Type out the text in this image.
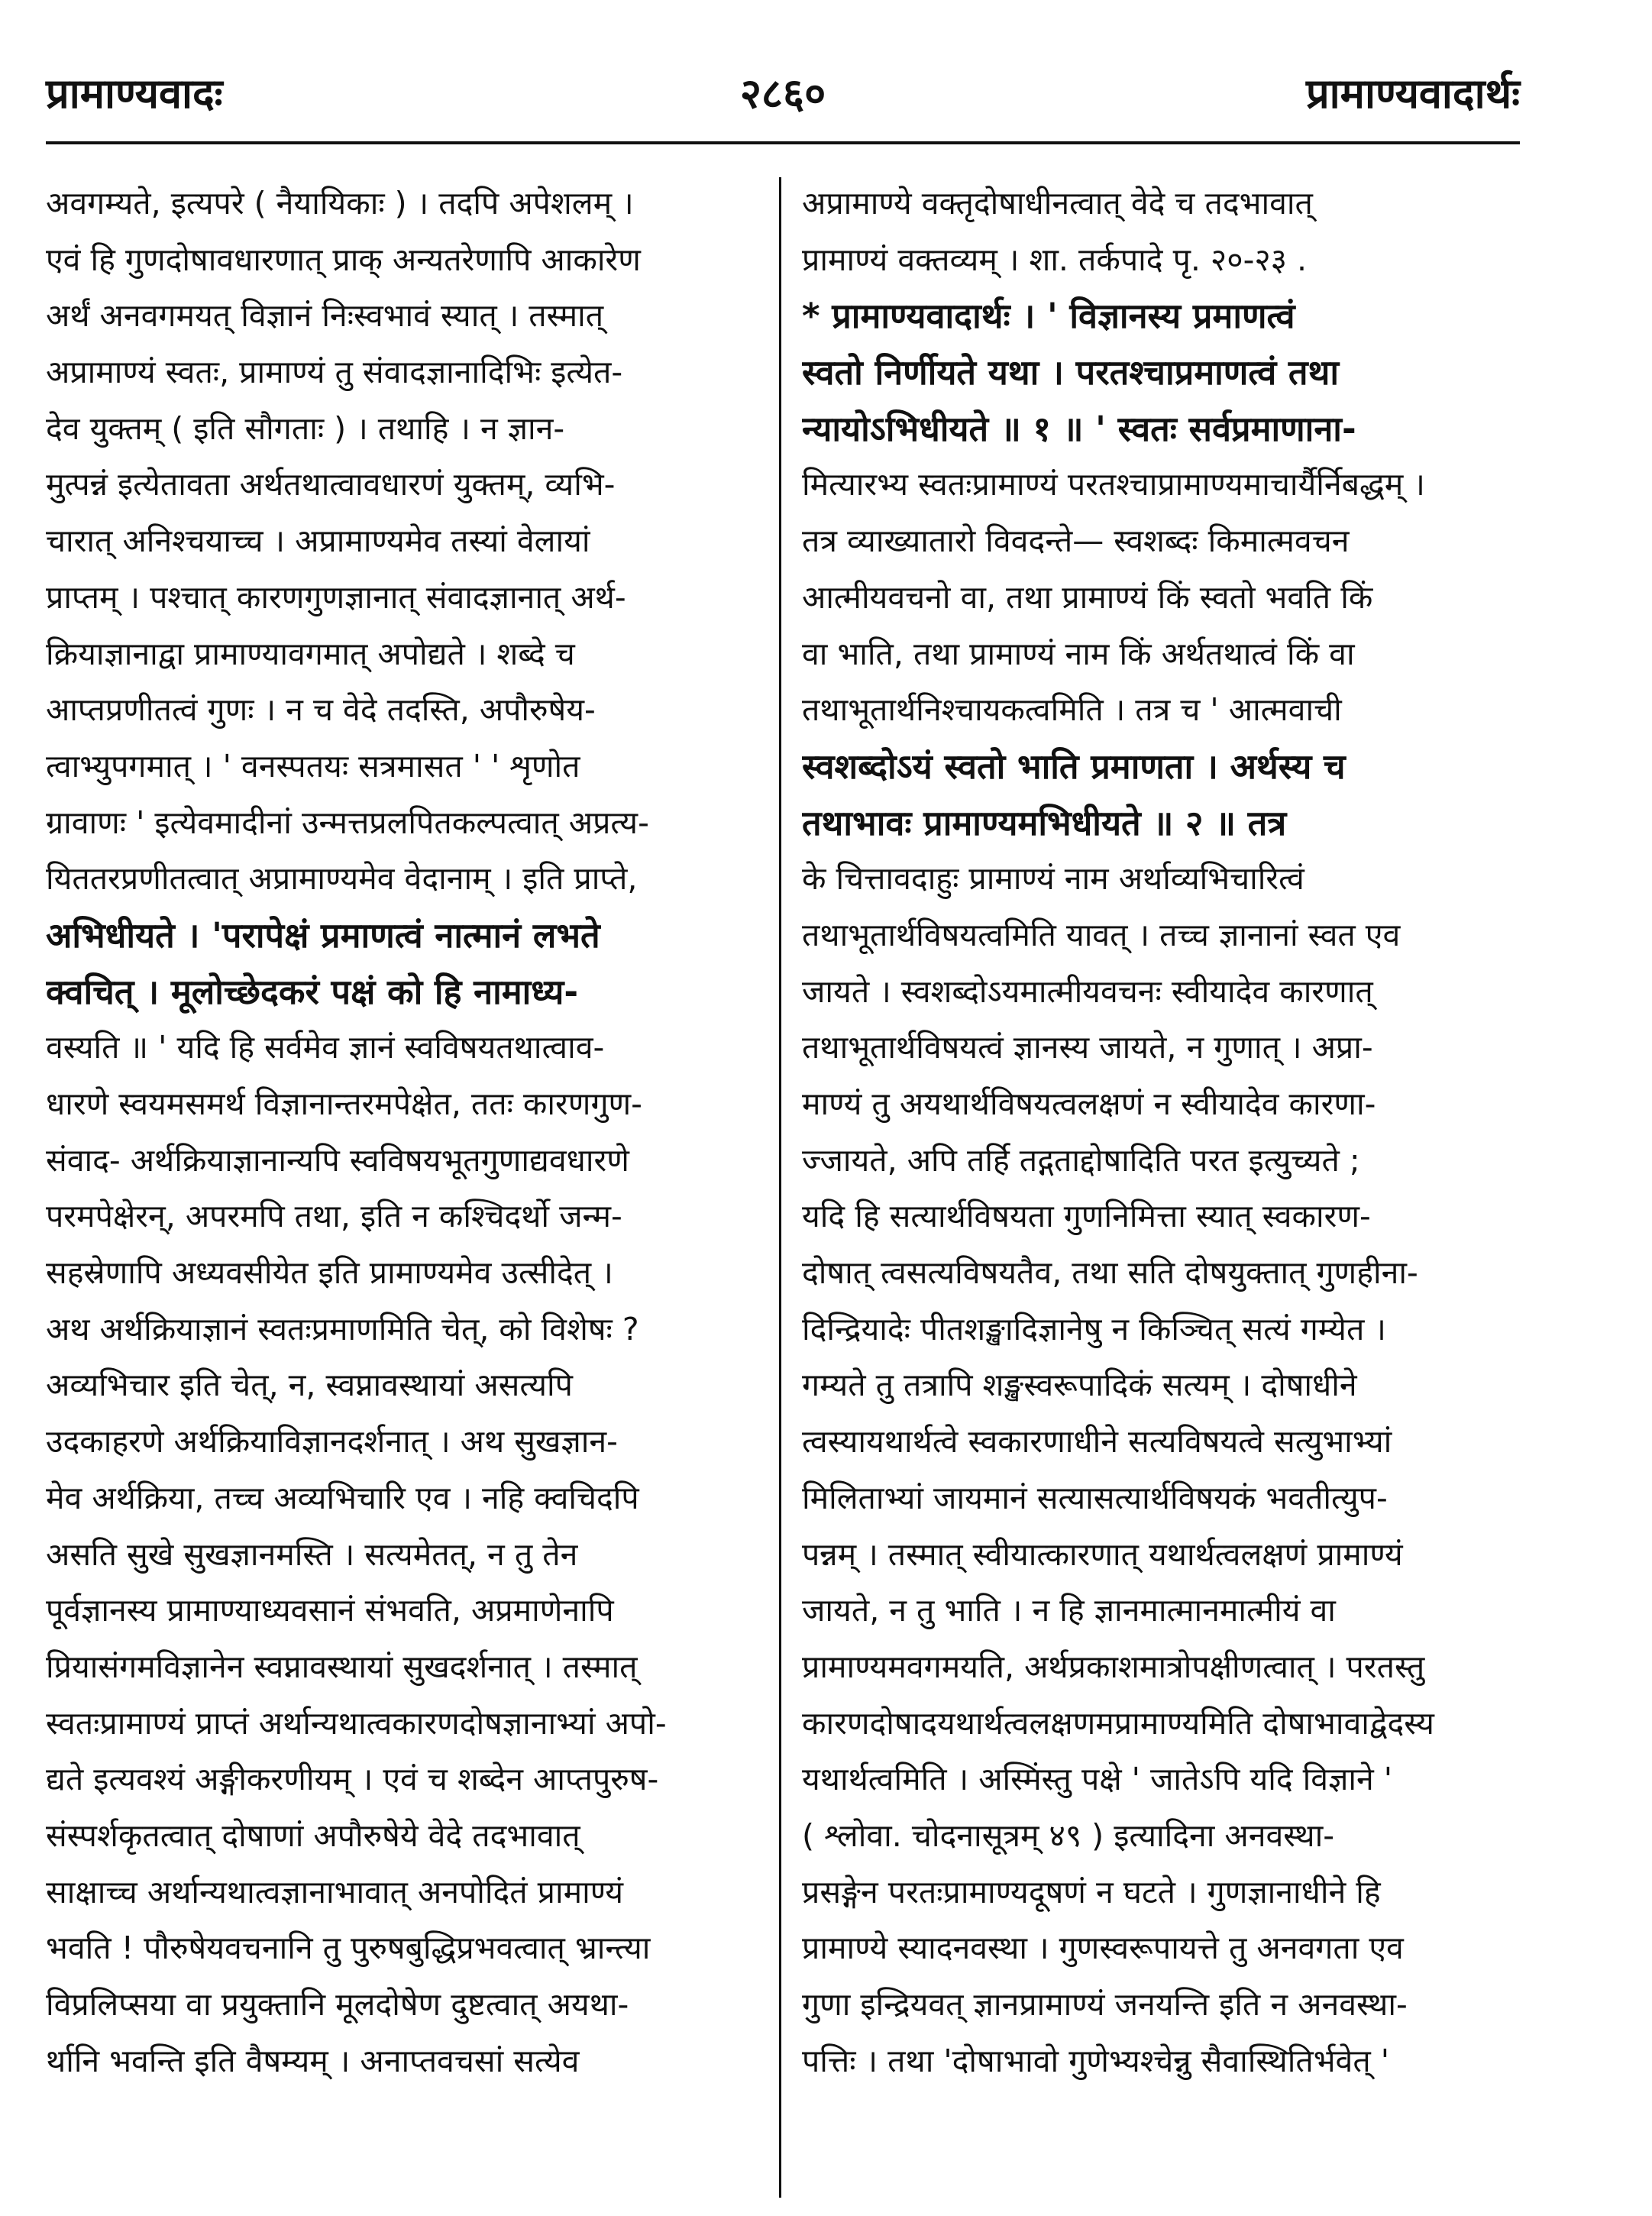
२८६०
प्रामाण्यवादः	प्रामाण्यवादार्थः
अवगम्यते, इत्यपरे ( नैयायिकाः ) । तदपि अपेशलम् ।
एवं हि गुणदोषावधारणात् प्राक् अन्यतरेणापि आकारेण
अर्थं अनवगमयत् विज्ञानं निःस्वभावं स्यात् । तस्मात्
अप्रामाण्यं स्वतः, प्रामाण्यं तु संवादज्ञानादिभिः इत्येत-
देव युक्तम् ( इति सौगताः ) । तथाहि । न ज्ञान-
मुत्पन्नं इत्येतावता अर्थतथात्वावधारणं युक्तम्, व्यभि-
चारात् अनिश्चयाच्च । अप्रामाण्यमेव तस्यां वेलायां
प्राप्तम् । पश्चात् कारणगुणज्ञानात् संवादज्ञानात् अर्थ-
क्रियाज्ञानाद्वा प्रामाण्यावगमात् अपोद्यते । शब्दे च
आप्तप्रणीतत्वं गुणः । न च वेदे तदस्ति, अपौरुषेय-
त्वाभ्युपगमात् । ' वनस्पतयः सत्रमासत ' ' शृणोत
ग्रावाणः ' इत्येवमादीनां उन्मत्तप्रलपितकल्पत्वात् अप्रत्य-
यिततरप्रणीतत्वात् अप्रामाण्यमेव वेदानाम् । इति प्राप्ते,
अभिधीयते । 'परापेक्षं प्रमाणत्वं नात्मानं लभते
क्वचित् । मूलोच्छेदकरं पक्षं को हि नामाध्य-
वस्यति ॥ ' यदि हि सर्वमेव ज्ञानं स्वविषयतथात्वाव-
धारणे स्वयमसमर्थ विज्ञानान्तरमपेक्षेत, ततः कारणगुण-
संवाद- अर्थक्रियाज्ञानान्यपि स्वविषयभूतगुणाद्यवधारणे
परमपेक्षेरन्, अपरमपि तथा, इति न कश्चिदर्थो जन्म-
सहस्रेणापि अध्यवसीयेत इति प्रामाण्यमेव उत्सीदेत् ।
अथ अर्थक्रियाज्ञानं स्वतःप्रमाणमिति चेत्, को विशेषः ?
अव्यभिचार इति चेत्, न, स्वप्नावस्थायां असत्यपि
उदकाहरणे अर्थक्रियाविज्ञानदर्शनात् । अथ सुखज्ञान-
मेव अर्थक्रिया, तच्च अव्यभिचारि एव । नहि क्वचिदपि
असति सुखे सुखज्ञानमस्ति । सत्यमेतत्, न तु तेन
पूर्वज्ञानस्य प्रामाण्याध्यवसानं संभवति, अप्रमाणेनापि
प्रियासंगमविज्ञानेन स्वप्नावस्थायां सुखदर्शनात् । तस्मात्
स्वतःप्रामाण्यं प्राप्तं अर्थान्यथात्वकारणदोषज्ञानाभ्यां अपो-
द्यते इत्यवश्यं अङ्गीकरणीयम् । एवं च शब्देन आप्तपुरुष-
संस्पर्शकृतत्वात् दोषाणां अपौरुषेये वेदे तदभावात्
साक्षाच्च अर्थान्यथात्वज्ञानाभावात् अनपोदितं प्रामाण्यं
भवति ! पौरुषेयवचनानि तु पुरुषबुद्धिप्रभवत्वात् भ्रान्त्या
विप्रलिप्सया वा प्रयुक्तानि मूलदोषेण दुष्टत्वात् अयथा-
र्थानि भवन्ति इति वैषम्यम् । अनाप्तवचसां सत्येव
अप्रामाण्ये वक्तृदोषाधीनत्वात् वेदे च तदभावात्
प्रामाण्यं वक्तव्यम् । शा. तर्कपादे पृ. २०-२३ .
* प्रामाण्यवादार्थः । ' विज्ञानस्य प्रमाणत्वं
स्वतो निर्णीयते यथा । परतश्चाप्रमाणत्वं तथा
न्यायोऽभिधीयते ॥ १ ॥ ' स्वतः सर्वप्रमाणाना-
मित्यारभ्य स्वतःप्रामाण्यं परतश्चाप्रामाण्यमाचार्यैर्निबद्धम् ।
तत्र व्याख्यातारो विवदन्ते— स्वशब्दः किमात्मवचन
आत्मीयवचनो वा, तथा प्रामाण्यं किं स्वतो भवति किं
वा भाति, तथा प्रामाण्यं नाम किं अर्थतथात्वं किं वा
तथाभूतार्थनिश्चायकत्वमिति । तत्र च ' आत्मवाची
स्वशब्दोऽयं स्वतो भाति प्रमाणता । अर्थस्य च
तथाभावः प्रामाण्यमभिधीयते ॥ २ ॥ तत्र
के चित्तावदाहुः प्रामाण्यं नाम अर्थाव्यभिचारित्वं
तथाभूतार्थविषयत्वमिति यावत् । तच्च ज्ञानानां स्वत एव
जायते । स्वशब्दोऽयमात्मीयवचनः स्वीयादेव कारणात्
तथाभूतार्थविषयत्वं ज्ञानस्य जायते, न गुणात् । अप्रा-
माण्यं तु अयथार्थविषयत्वलक्षणं न स्वीयादेव कारणा-
ज्जायते, अपि तर्हि तद्गताद्दोषादिति परत इत्युच्यते ;
यदि हि सत्यार्थविषयता गुणनिमित्ता स्यात् स्वकारण-
दोषात् त्वसत्यविषयतैव, तथा सति दोषयुक्तात् गुणहीना-
दिन्द्रियादेः पीतशङ्खादिज्ञानेषु न किञ्चित् सत्यं गम्येत ।
गम्यते तु तत्रापि शङ्खस्वरूपादिकं सत्यम् । दोषाधीने
त्वस्यायथार्थत्वे स्वकारणाधीने सत्यविषयत्वे सत्युभाभ्यां
मिलिताभ्यां जायमानं सत्यासत्यार्थविषयकं भवतीत्युप-
पन्नम् । तस्मात् स्वीयात्कारणात् यथार्थत्वलक्षणं प्रामाण्यं
जायते, न तु भाति । न हि ज्ञानमात्मानमात्मीयं वा
प्रामाण्यमवगमयति, अर्थप्रकाशमात्रोपक्षीणत्वात् । परतस्तु
कारणदोषादयथार्थत्वलक्षणमप्रामाण्यमिति दोषाभावाद्वेदस्य
यथार्थत्वमिति । अस्मिंस्तु पक्षे ' जातेऽपि यदि विज्ञाने '
( श्लोवा. चोदनासूत्रम् ४९ ) इत्यादिना अनवस्था-
प्रसङ्गेन परतःप्रामाण्यदूषणं न घटते । गुणज्ञानाधीने हि
प्रामाण्ये स्यादनवस्था । गुणस्वरूपायत्ते तु अनवगता एव
गुणा इन्द्रियवत् ज्ञानप्रामाण्यं जनयन्ति इति न अनवस्था-
पत्तिः । तथा 'दोषाभावो गुणेभ्यश्चेन्नु सैवास्थितिर्भवेत् '
